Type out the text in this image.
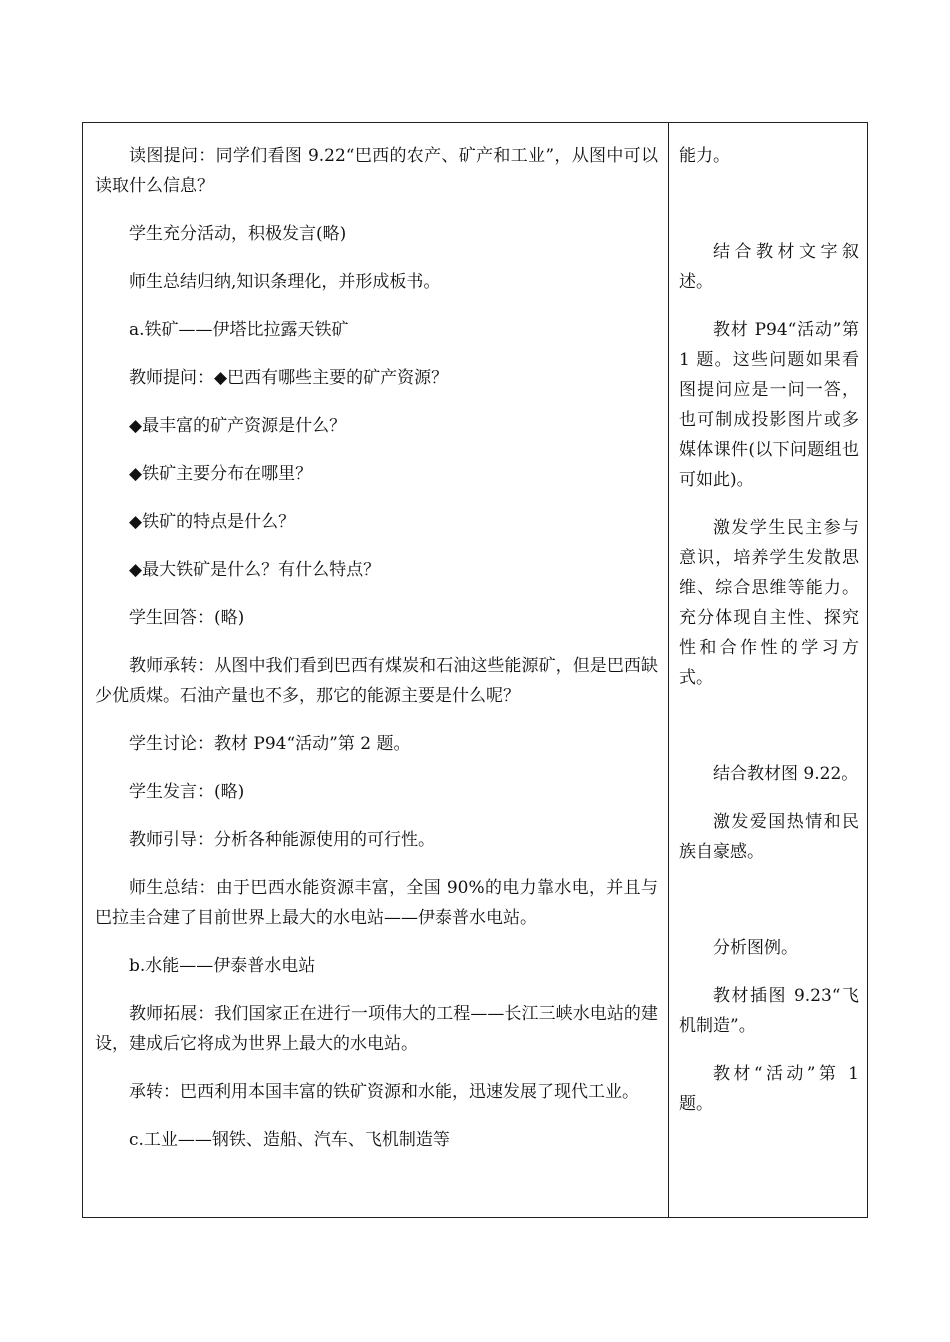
读图提问：同学们看图 9.22“巴西的农产、矿产和工业”，从图中可以读取什么信息？

学生充分活动，积极发言(略)

师生总结归纳,知识条理化，并形成板书。

a.铁矿——伊塔比拉露天铁矿

教师提问：◆巴西有哪些主要的矿产资源？

◆最丰富的矿产资源是什么？

◆铁矿主要分布在哪里？

◆铁矿的特点是什么？

◆最大铁矿是什么？有什么特点？

学生回答：(略)

教师承转：从图中我们看到巴西有煤炭和石油这些能源矿，但是巴西缺少优质煤。石油产量也不多，那它的能源主要是什么呢？

学生讨论：教材 P94“活动”第 2 题。

学生发言：(略)

教师引导：分析各种能源使用的可行性。

师生总结：由于巴西水能资源丰富，全国 90%的电力靠水电，并且与巴拉圭合建了目前世界上最大的水电站——伊泰普水电站。

b.水能——伊泰普水电站

教师拓展：我们国家正在进行一项伟大的工程——长江三峡水电站的建设，建成后它将成为世界上最大的水电站。

承转：巴西利用本国丰富的铁矿资源和水能，迅速发展了现代工业。

c.工业——钢铁、造船、汽车、飞机制造等

能力。

结合教材文字叙述。

教材 P94“活动”第 1 题。这些问题如果看图提问应是一问一答，也可制成投影图片或多媒体课件(以下问题组也可如此)。

激发学生民主参与意识，培养学生发散思维、综合思维等能力。充分体现自主性、探究性和合作性的学习方式。

结合教材图 9.22。

激发爱国热情和民族自豪感。

分析图例。

教材插图 9.23“飞机制造”。

教材“活动”第 1 题。
